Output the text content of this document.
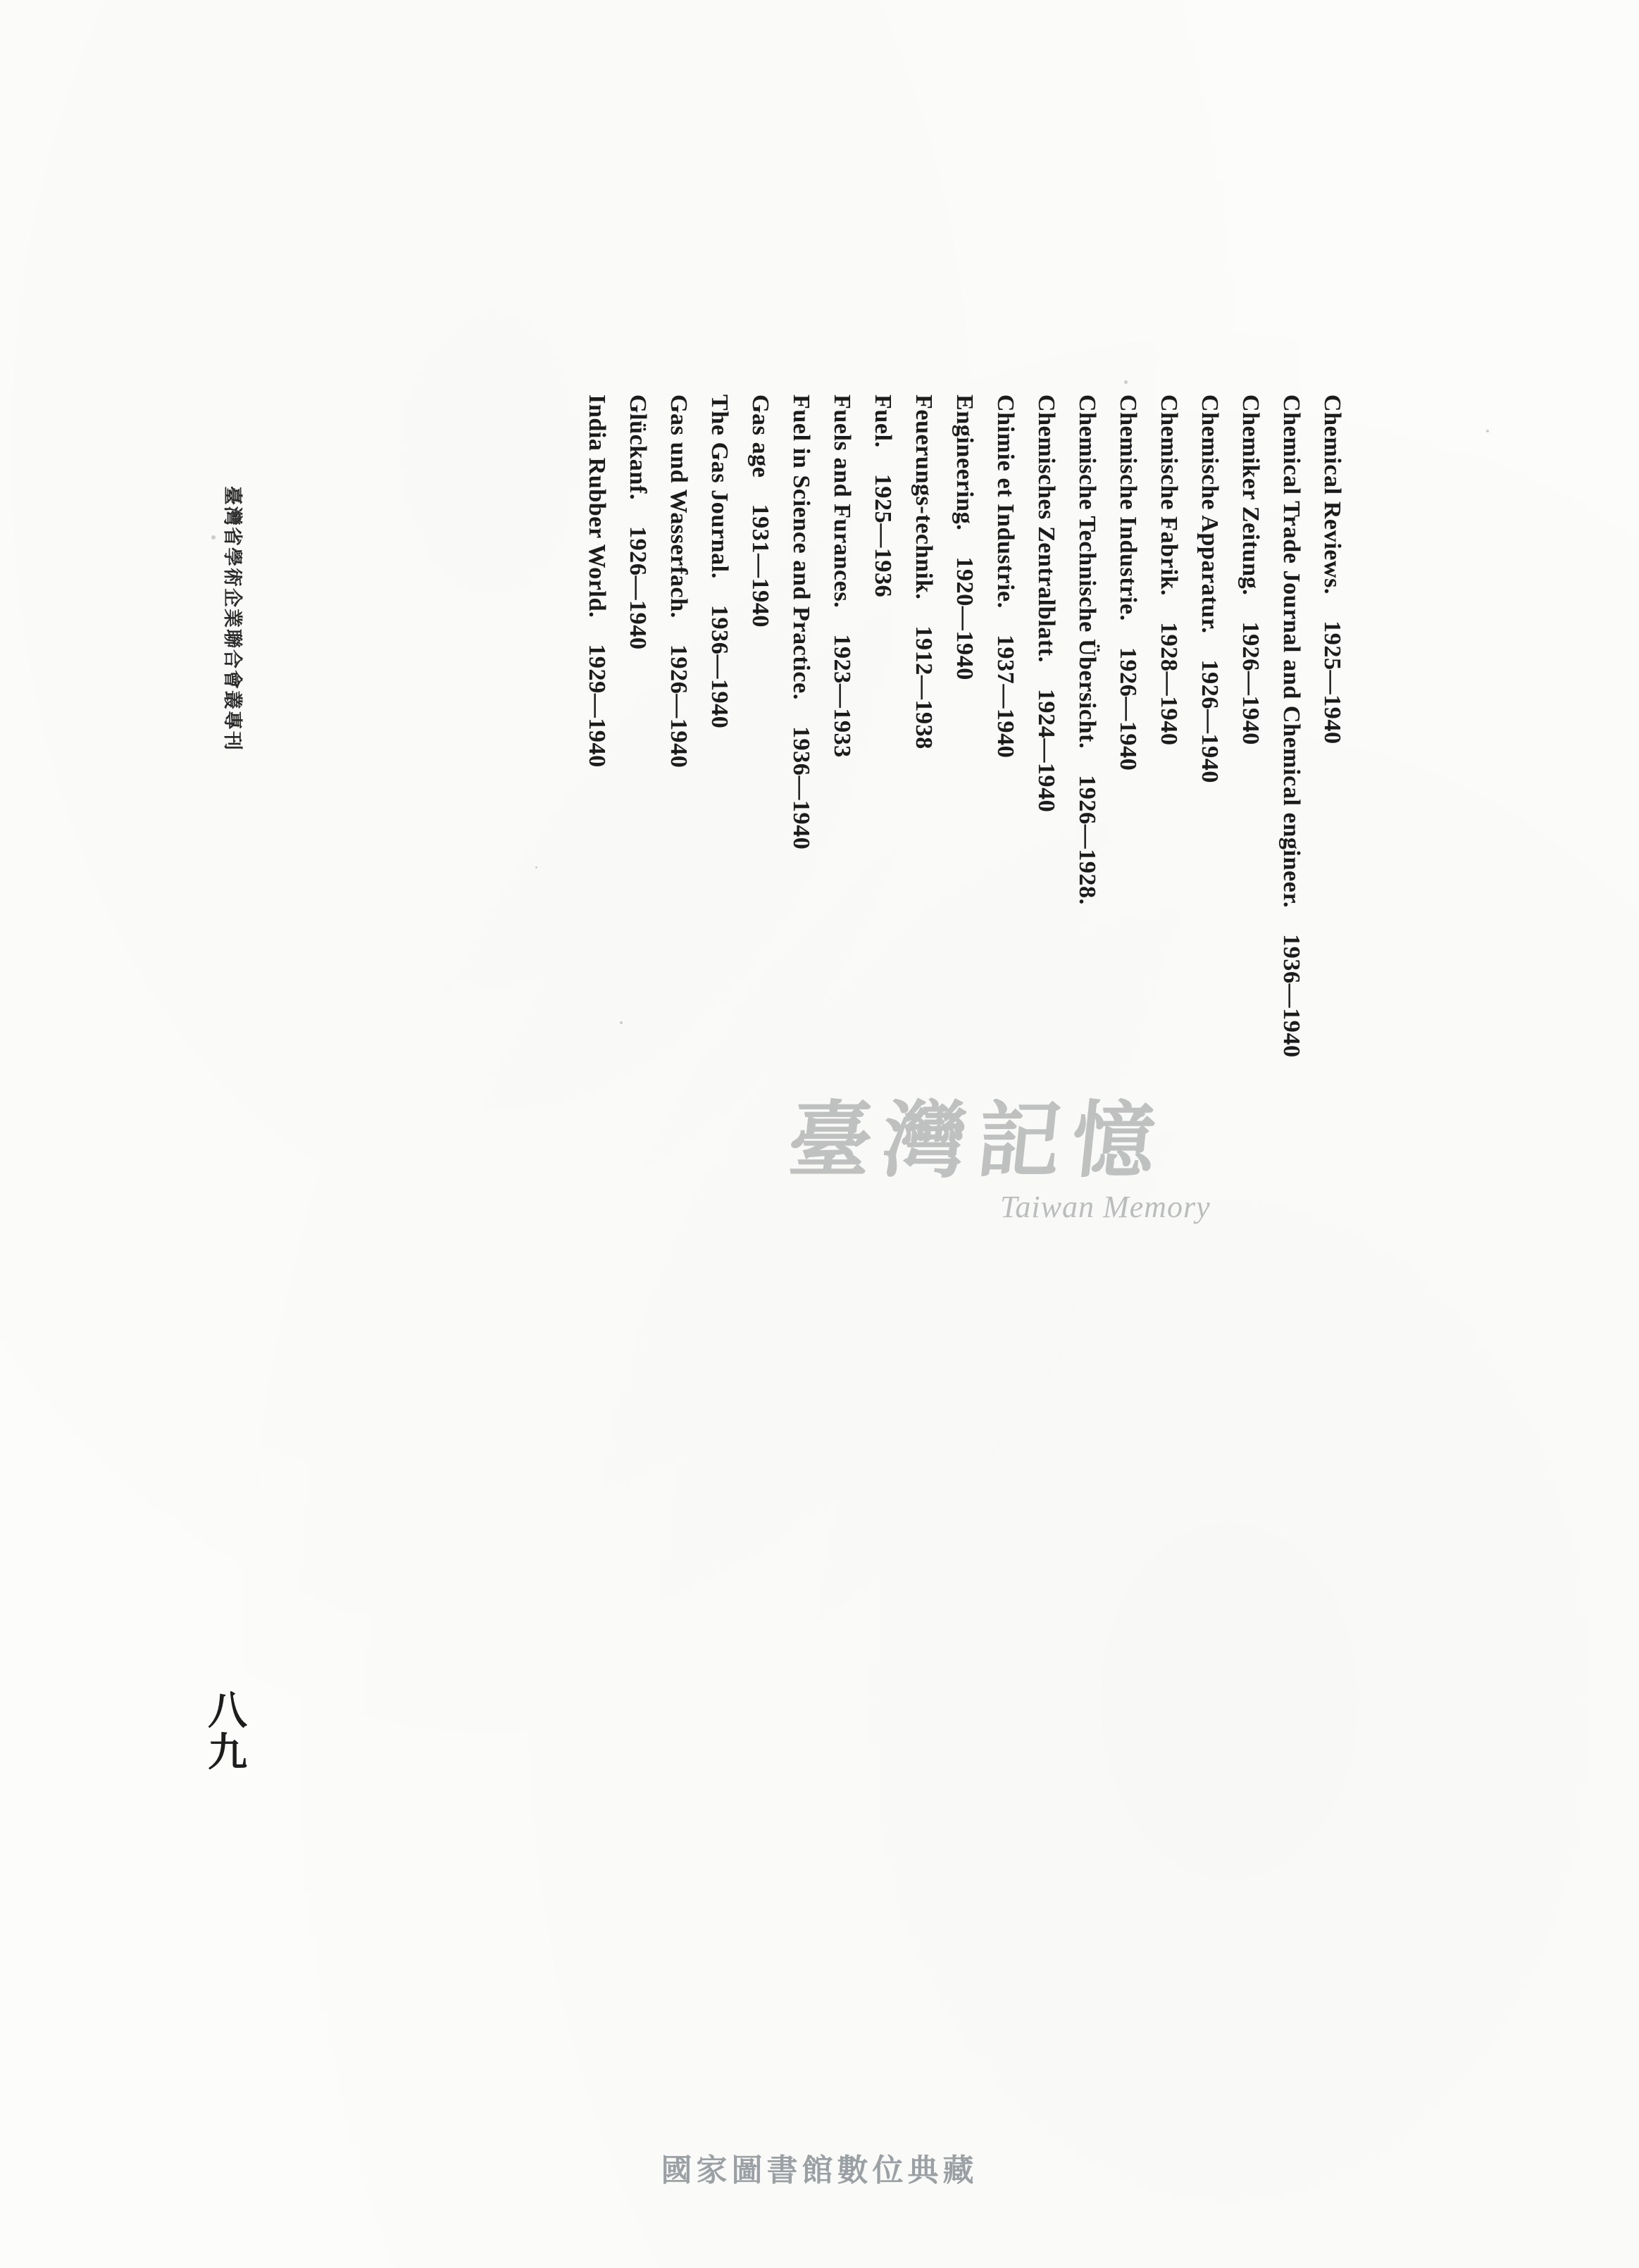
Chemical Reviews. 1925—1940
Chemical Trade Journal and Chemical engineer. 1936—1940
Chemiker Zeitung. 1926—1940
Chemische Apparatur. 1926—1940
Chemische Fabrik. 1928—1940
Chemische Industrie. 1926—1940
Chemische Technische Übersicht. 1926—1928.
Chemisches Zentralblatt. 1924—1940
Chimie et Industrie. 1937—1940
Engineering. 1920—1940
Feuerungs-technik. 1912—1938
Fuel. 1925—1936
Fuels and Furances. 1923—1933
Fuel in Science and Practice. 1936—1940
Gas age 1931—1940
The Gas Journal. 1936—1940
Gas und Wasserfach. 1926—1940
Glückanf. 1926—1940
India Rubber World. 1929—1940
臺灣省學術企業聯合會叢專刊
八
九
臺灣記憶
Taiwan Memory
國家圖書館數位典藏
